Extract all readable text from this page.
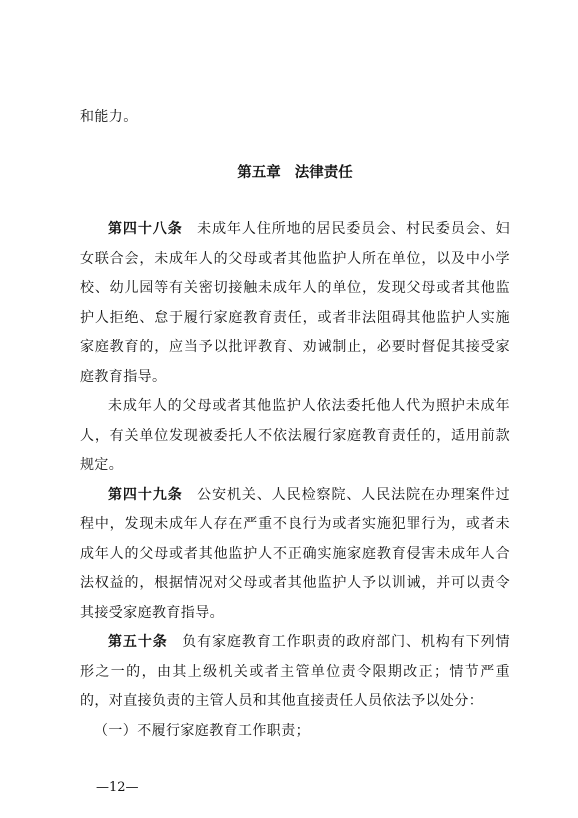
和能力。

第五章 法律责任

第四十八条 未成年人住所地的居民委员会、村民委员会、妇女联合会，未成年人的父母或者其他监护人所在单位，以及中小学校、幼儿园等有关密切接触未成年人的单位，发现父母或者其他监护人拒绝、怠于履行家庭教育责任，或者非法阻碍其他监护人实施家庭教育的，应当予以批评教育、劝诫制止，必要时督促其接受家庭教育指导。

未成年人的父母或者其他监护人依法委托他人代为照护未成年人，有关单位发现被委托人不依法履行家庭教育责任的，适用前款规定。

第四十九条 公安机关、人民检察院、人民法院在办理案件过程中，发现未成年人存在严重不良行为或者实施犯罪行为，或者未成年人的父母或者其他监护人不正确实施家庭教育侵害未成年人合法权益的，根据情况对父母或者其他监护人予以训诫，并可以责令其接受家庭教育指导。

第五十条 负有家庭教育工作职责的政府部门、机构有下列情形之一的，由其上级机关或者主管单位责令限期改正；情节严重的，对直接负责的主管人员和其他直接责任人员依法予以处分：

（一）不履行家庭教育工作职责；

—12—
